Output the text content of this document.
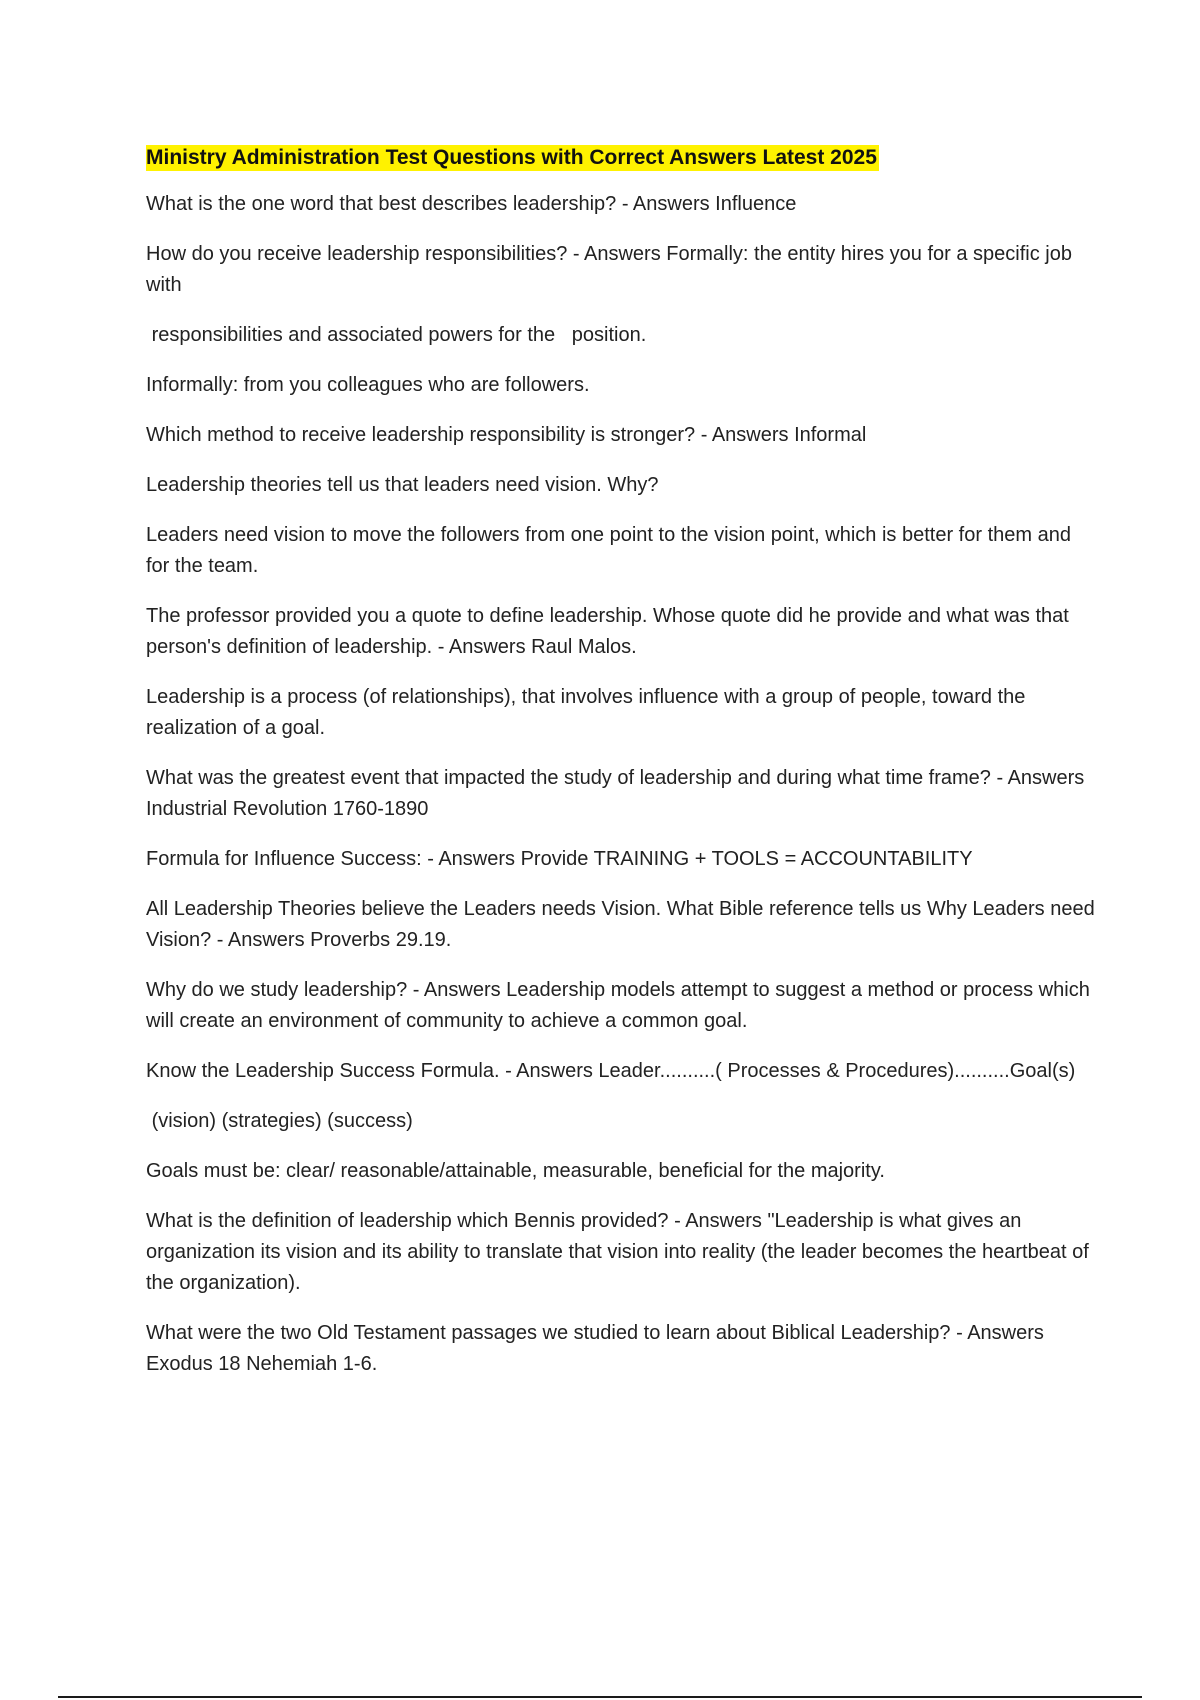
Ministry Administration Test Questions with Correct Answers Latest 2025

What is the one word that best describes leadership? - Answers Influence

How do you receive leadership responsibilities? - Answers Formally: the entity hires you for a specific job with

responsibilities and associated powers for the   position.

Informally: from you colleagues who are followers.

Which method to receive leadership responsibility is stronger? - Answers Informal

Leadership theories tell us that leaders need vision. Why?

Leaders need vision to move the followers from one point to the vision point, which is better for them and for the team.

The professor provided you a quote to define leadership. Whose quote did he provide and what was that person's definition of leadership. - Answers Raul Malos.

Leadership is a process (of relationships), that involves influence with a group of people, toward the realization of a goal.

What was the greatest event that impacted the study of leadership and during what time frame? - Answers Industrial Revolution 1760-1890

Formula for Influence Success: - Answers Provide TRAINING + TOOLS = ACCOUNTABILITY

All Leadership Theories believe the Leaders needs Vision. What Bible reference tells us Why Leaders need Vision? - Answers Proverbs 29.19.

Why do we study leadership? - Answers Leadership models attempt to suggest a method or process which will create an environment of community to achieve a common goal.

Know the Leadership Success Formula. - Answers Leader..........( Processes & Procedures)..........Goal(s)

(vision) (strategies) (success)

Goals must be: clear/ reasonable/attainable, measurable, beneficial for the majority.

What is the definition of leadership which Bennis provided? - Answers "Leadership is what gives an organization its vision and its ability to translate that vision into reality (the leader becomes the heartbeat of the organization).

What were the two Old Testament passages we studied to learn about Biblical Leadership? - Answers Exodus 18 Nehemiah 1-6.
